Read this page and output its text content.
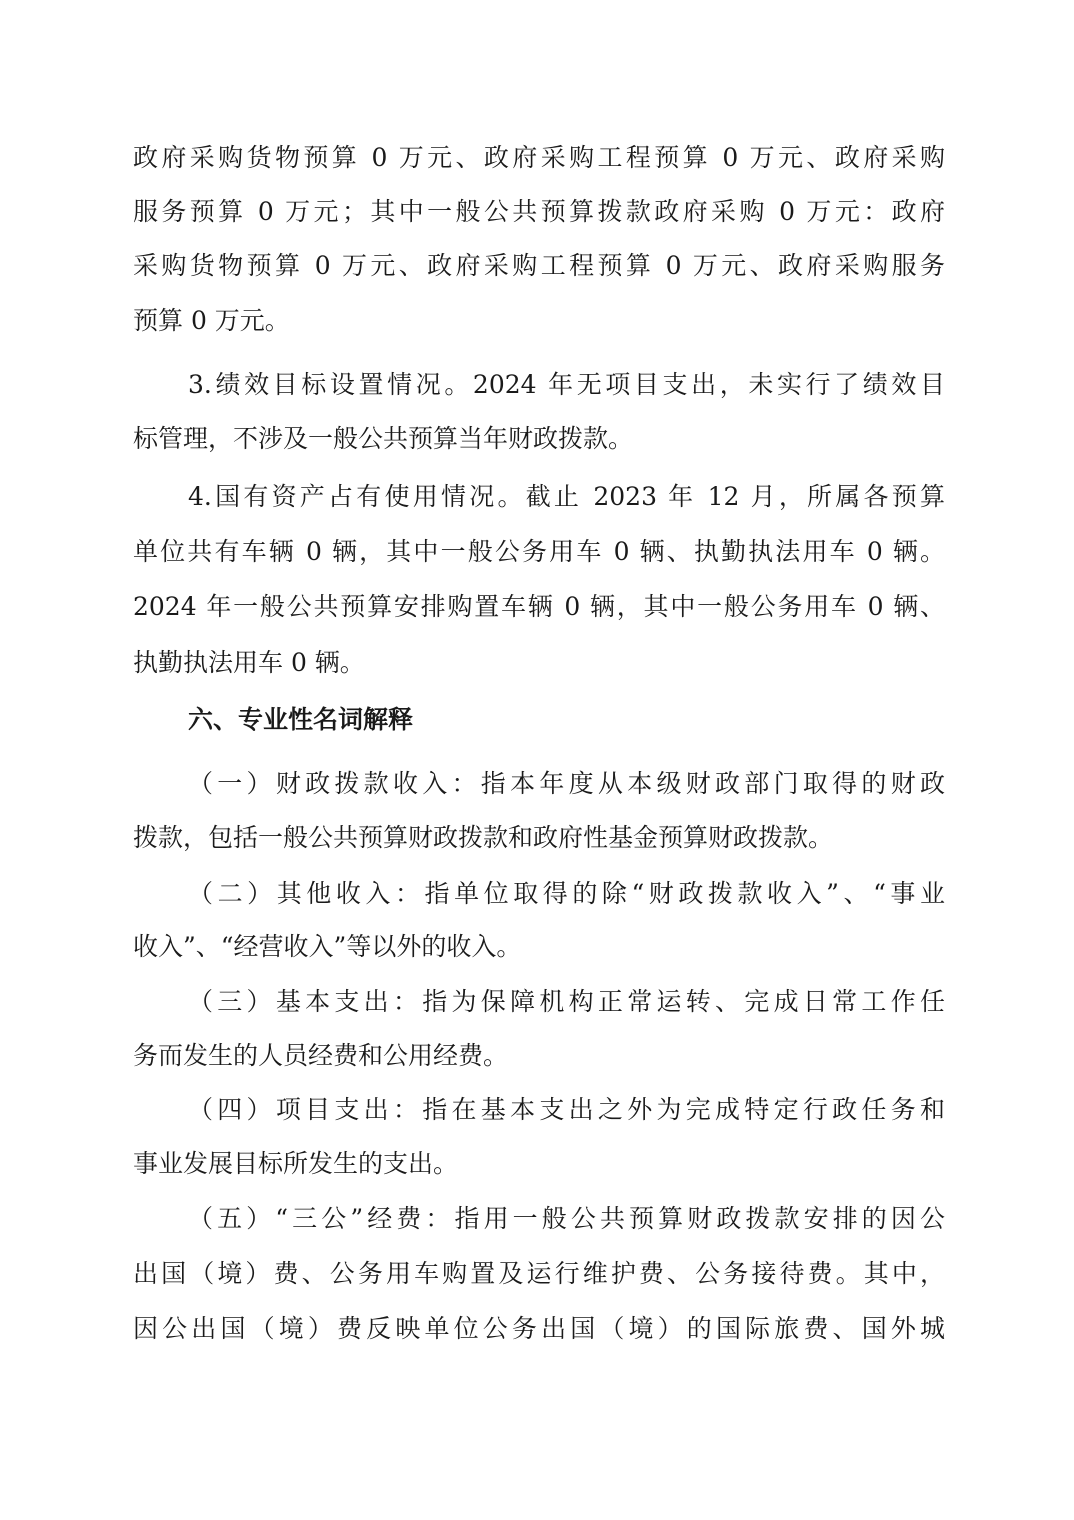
政府采购货物预算 0 万元、政府采购工程预算 0 万元、政府采购
服务预算 0 万元；其中一般公共预算拨款政府采购 0 万元：政府
采购货物预算 0 万元、政府采购工程预算 0 万元、政府采购服务
预算 0 万元。
3.绩效目标设置情况。2024 年无项目支出，未实行了绩效目
标管理，不涉及一般公共预算当年财政拨款。
4.国有资产占有使用情况。截止 2023 年 12 月，所属各预算
单位共有车辆 0 辆，其中一般公务用车 0 辆、执勤执法用车 0 辆。
2024 年一般公共预算安排购置车辆 0 辆，其中一般公务用车 0 辆、
执勤执法用车 0 辆。
六、专业性名词解释
（一）财政拨款收入：指本年度从本级财政部门取得的财政
拨款，包括一般公共预算财政拨款和政府性基金预算财政拨款。
（二）其他收入：指单位取得的除“财政拨款收入”、“事业
收入”、“经营收入”等以外的收入。
（三）基本支出：指为保障机构正常运转、完成日常工作任
务而发生的人员经费和公用经费。
（四）项目支出：指在基本支出之外为完成特定行政任务和
事业发展目标所发生的支出。
（五）“三公”经费：指用一般公共预算财政拨款安排的因公
出国（境）费、公务用车购置及运行维护费、公务接待费。其中，
因公出国（境）费反映单位公务出国（境）的国际旅费、国外城
